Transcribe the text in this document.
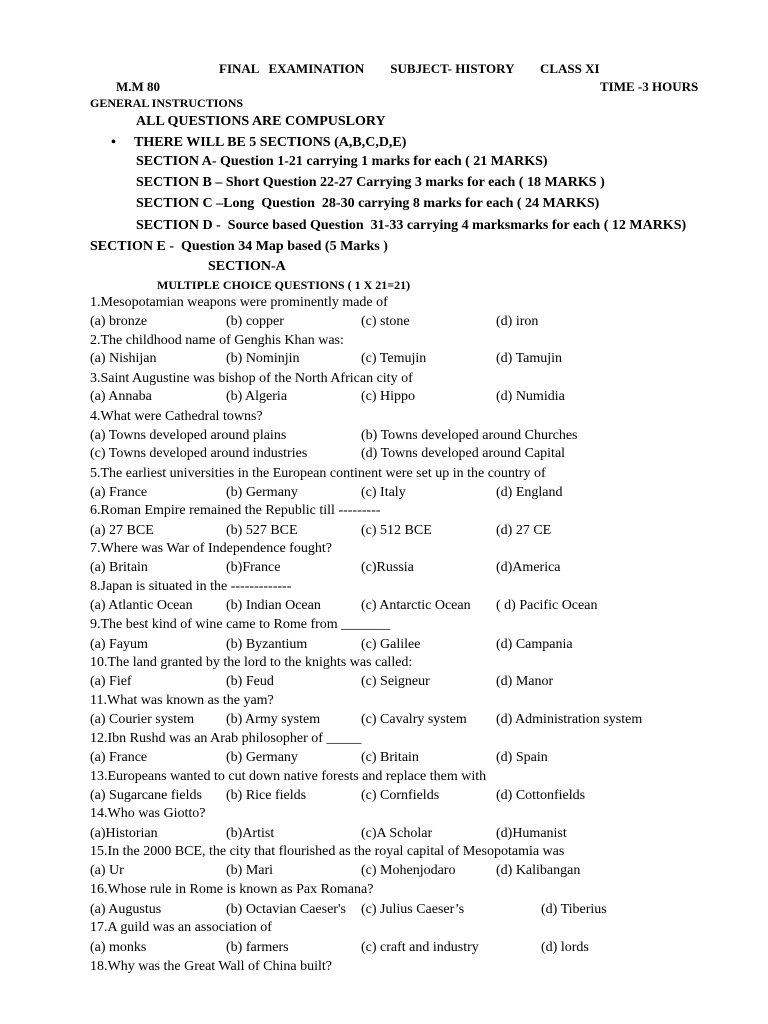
FINAL   EXAMINATION        SUBJECT- HISTORY        CLASS XI
M.M 80	TIME -3 HOURS
GENERAL INSTRUCTIONS
ALL QUESTIONS ARE COMPUSLORY
• THERE WILL BE 5 SECTIONS (A,B,C,D,E)
SECTION A- Question 1-21 carrying 1 marks for each ( 21 MARKS)
SECTION B – Short Question 22-27 Carrying 3 marks for each ( 18 MARKS )
SECTION C –Long  Question  28-30 carrying 8 marks for each ( 24 MARKS)
SECTION D -  Source based Question  31-33 carrying 4 marksmarks for each ( 12 MARKS)
SECTION E -  Question 34 Map based (5 Marks )
SECTION-A
MULTIPLE CHOICE QUESTIONS ( 1 X 21=21)
1.Mesopotamian weapons were prominently made of
(a) bronze	(b) copper	(c) stone	(d) iron
2.The childhood name of Genghis Khan was:
(a) Nishijan	(b) Nominjin	(c) Temujin	(d) Tamujin
3.Saint Augustine was bishop of the North African city of
(a) Annaba	(b) Algeria	(c) Hippo	(d) Numidia
4.What were Cathedral towns?
(a) Towns developed around plains	(b) Towns developed around Churches
(c) Towns developed around industries	(d) Towns developed around Capital
5.The earliest universities in the European continent were set up in the country of
(a) France	(b) Germany	(c) Italy	(d) England
6.Roman Empire remained the Republic till ---------
(a) 27 BCE	(b) 527 BCE	(c) 512 BCE	(d) 27 CE
7.Where was War of Independence fought?
(a) Britain	(b)France	(c)Russia	(d)America
8.Japan is situated in the -------------
(a) Atlantic Ocean (b) Indian Ocean	(c) Antarctic Ocean ( d) Pacific Ocean
9.The best kind of wine came to Rome from _______
(a) Fayum	(b) Byzantium	(c) Galilee	(d) Campania
10.The land granted by the lord to the knights was called:
(a) Fief	(b) Feud	(c) Seigneur	(d) Manor
11.What was known as the yam?
(a) Courier system (b) Army system	(c) Cavalry system (d) Administration system
12.Ibn Rushd was an Arab philosopher of _____
(a) France	(b) Germany	(c) Britain	(d) Spain
13.Europeans wanted to cut down native forests and replace them with
(a) Sugarcane fields (b) Rice fields	(c) Cornfields	(d) Cottonfields
14.Who was Giotto?
(a)Historian	(b)Artist	(c)A Scholar	(d)Humanist
15.In the 2000 BCE, the city that flourished as the royal capital of Mesopotamia was
(a) Ur	(b) Mari	(c) Mohenjodaro	(d) Kalibangan
16.Whose rule in Rome is known as Pax Romana?
(a) Augustus	(b) Octavian Caeser's (c) Julius Caeser’s	(d) Tiberius
17.A guild was an association of
(a) monks	(b) farmers	(c) craft and industry	(d) lords
18.Why was the Great Wall of China built?
